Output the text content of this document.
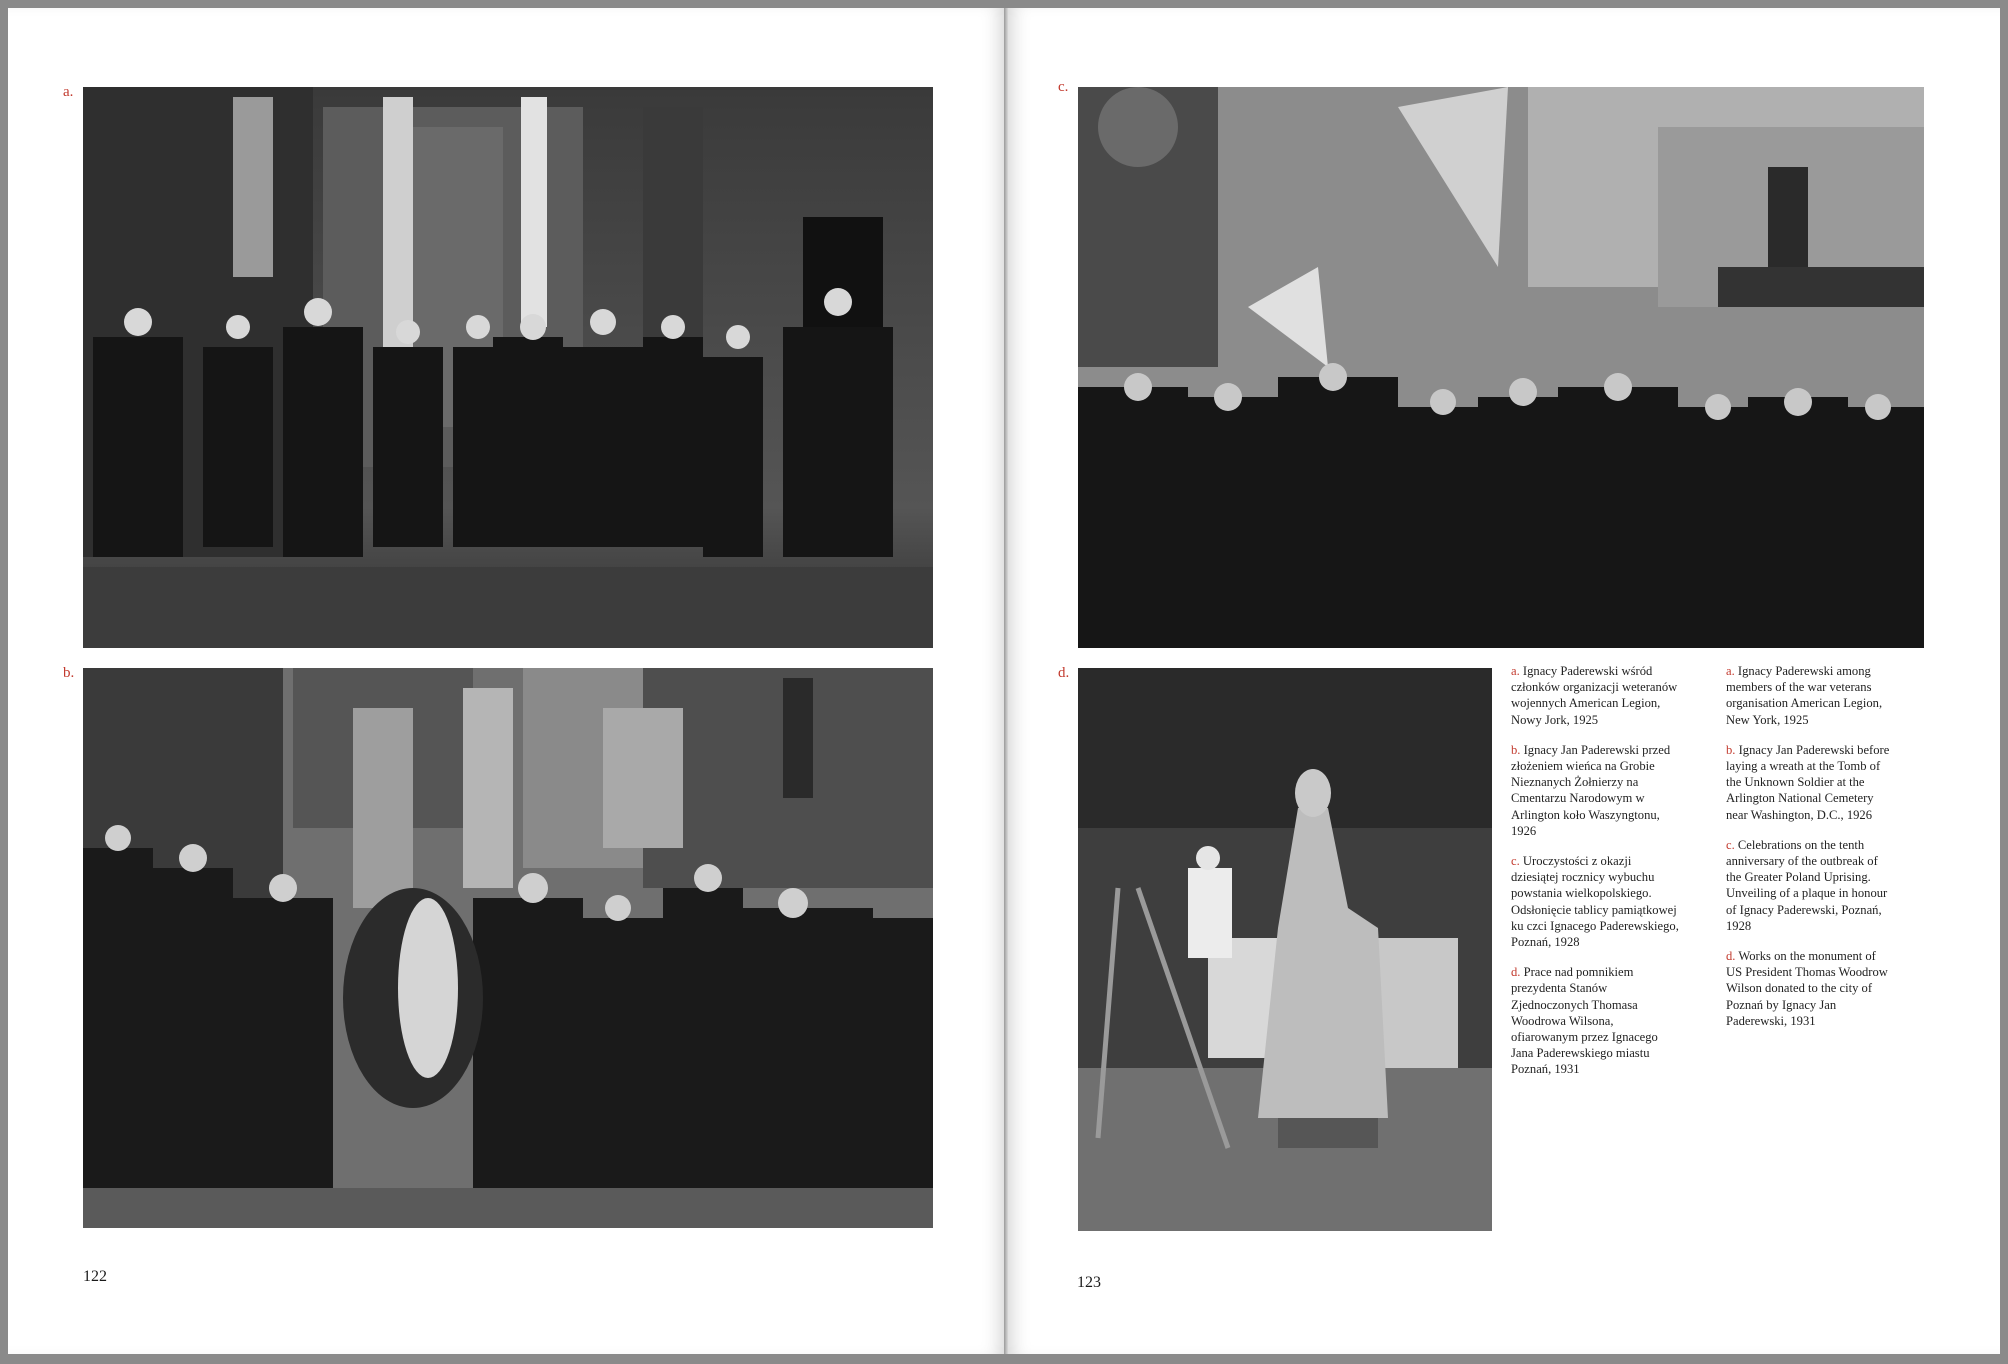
a.
b.
122
c.
d.
123

a. Ignacy Paderewski wśród członków organizacji weteranów wojennych American Legion, Nowy Jork, 1925

b. Ignacy Jan Paderewski przed złożeniem wieńca na Grobie Nieznanych Żołnierzy na Cmentarzu Narodowym w Arlington koło Waszyngtonu, 1926

c. Uroczystości z okazji dziesiątej rocznicy wybuchu powstania wielkopolskiego. Odsłonięcie tablicy pamiątkowej ku czci Ignacego Paderewskiego, Poznań, 1928

d. Prace nad pomnikiem prezydenta Stanów Zjednoczonych Thomasa Woodrowa Wilsona, ofiarowanym przez Ignacego Jana Paderewskiego miastu Poznań, 1931

a. Ignacy Paderewski among members of the war veterans organisation American Legion, New York, 1925

b. Ignacy Jan Paderewski before laying a wreath at the Tomb of the Unknown Soldier at the Arlington National Cemetery near Washington, D.C., 1926

c. Celebrations on the tenth anniversary of the outbreak of the Greater Poland Uprising. Unveiling of a plaque in honour of Ignacy Paderewski, Poznań, 1928

d. Works on the monument of US President Thomas Woodrow Wilson donated to the city of Poznań by Ignacy Jan Paderewski, 1931
